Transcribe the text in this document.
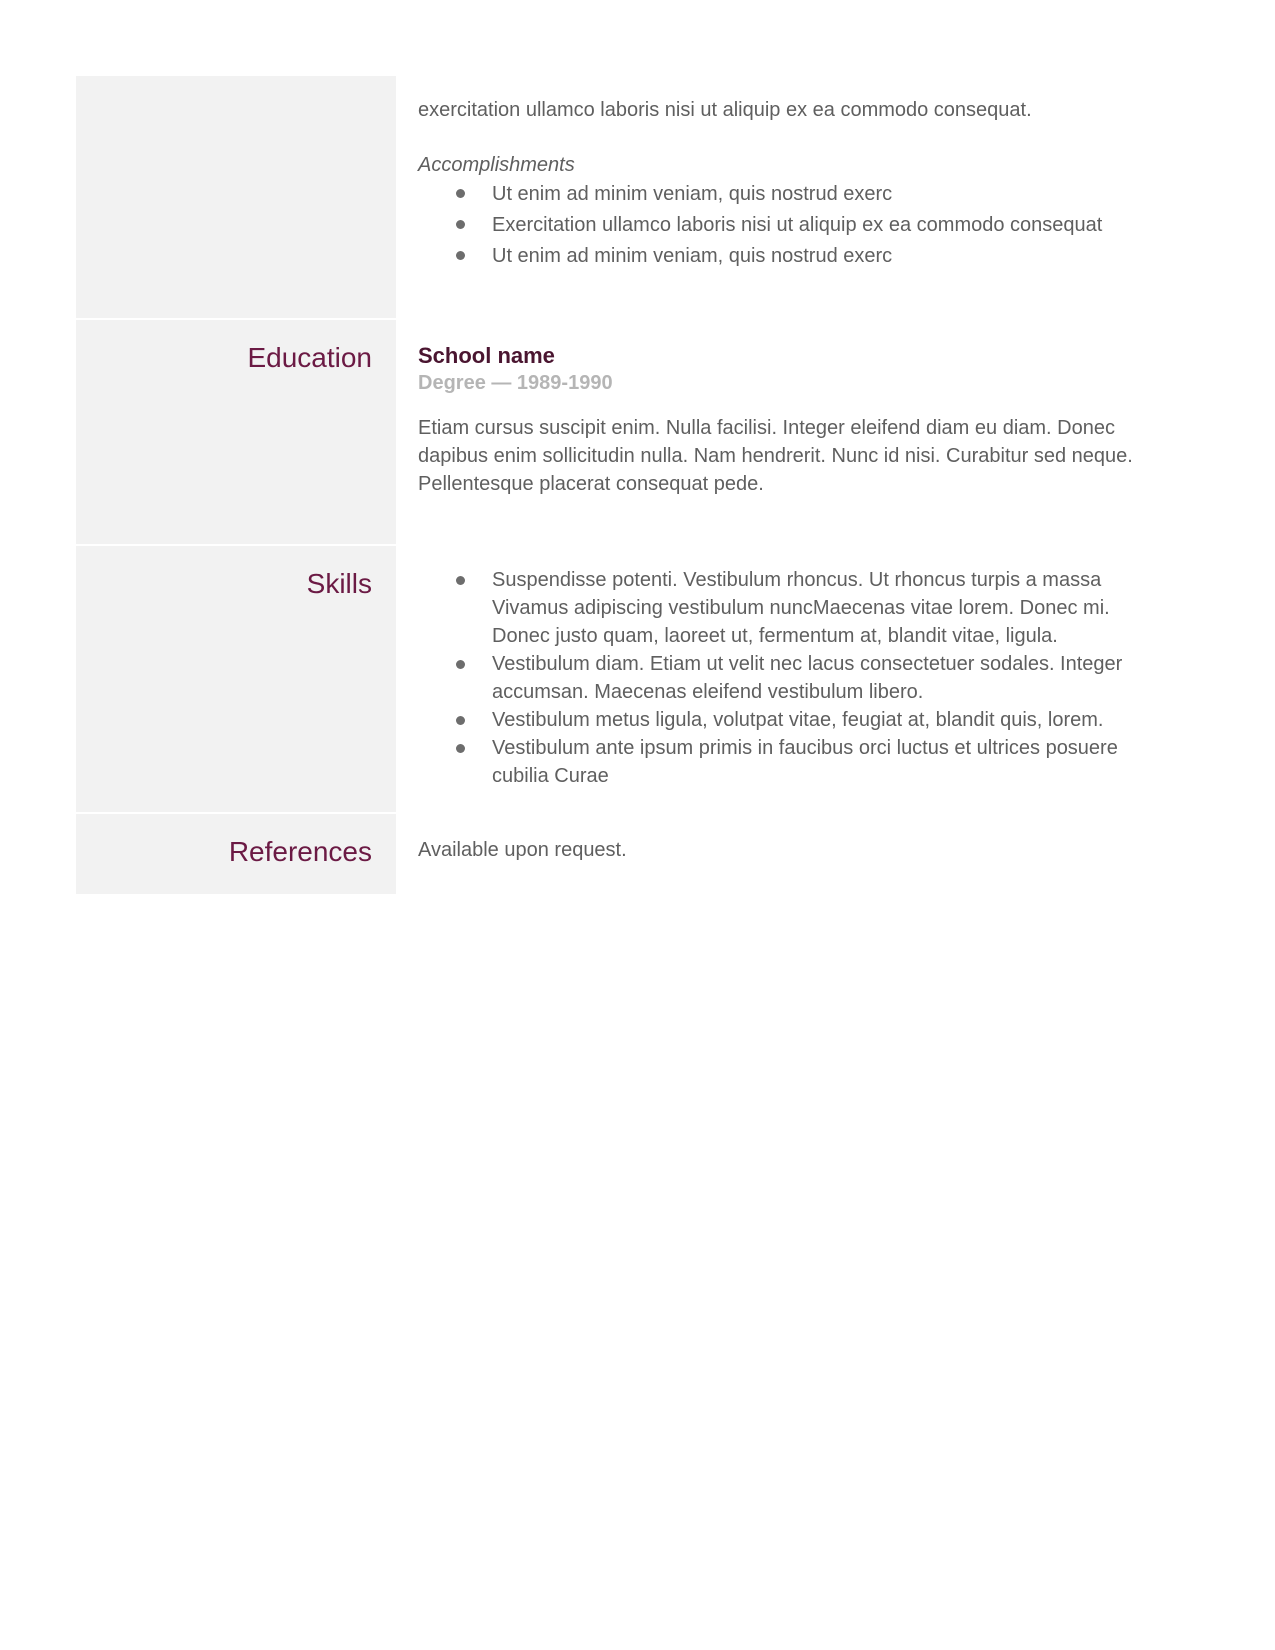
exercitation ullamco laboris nisi ut aliquip ex ea commodo consequat.

Accomplishments

Ut enim ad minim veniam, quis nostrud exerc
Exercitation ullamco laboris nisi ut aliquip ex ea commodo consequat
Ut enim ad minim veniam, quis nostrud exerc
Education School name

Degree — 1989-1990

Etiam cursus suscipit enim. Nulla facilisi. Integer eleifend diam eu diam. Donec dapibus enim sollicitudin nulla. Nam hendrerit. Nunc id nisi. Curabitur sed neque. Pellentesque placerat consequat pede.

Skills	Suspendisse potenti. Vestibulum rhoncus. Ut rhoncus turpis a massa Vivamus adipiscing vestibulum nuncMaecenas vitae lorem. Donec mi. Donec justo quam, laoreet ut, fermentum at, blandit vitae, ligula.
Vestibulum diam. Etiam ut velit nec lacus consectetuer sodales. Integer accumsan. Maecenas eleifend vestibulum libero.
Vestibulum metus ligula, volutpat vitae, feugiat at, blandit quis, lorem.
Vestibulum ante ipsum primis in faucibus orci luctus et ultrices posuere cubilia Curae
References Available upon request.
